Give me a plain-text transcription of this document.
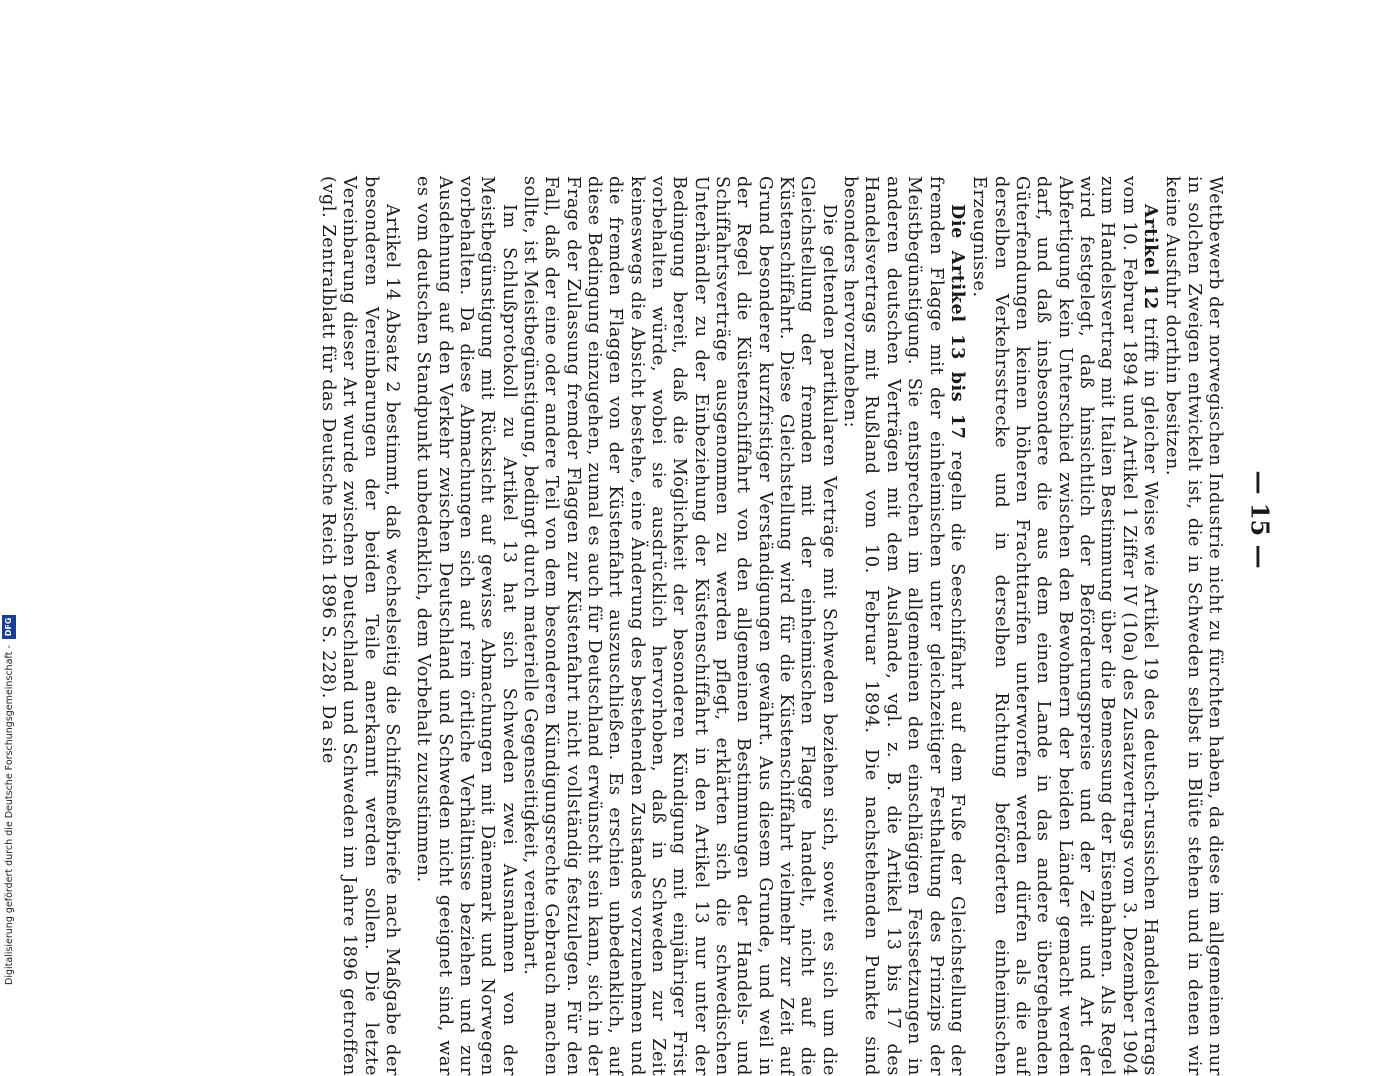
— 15 —

Wettbewerb der norwegischen Industrie nicht zu fürchten haben, da diese im allgemeinen nur in solchen Zweigen entwickelt ist, die in Schweden selbst in Blüte stehen und in denen wir keine Ausfuhr dorthin besitzen.

Artikel 12 trifft in gleicher Weise wie Artikel 19 des deutsch-russischen Handelsvertrags vom 10. Februar 1894 und Artikel 1 Ziffer IV (10a) des Zusatzvertrags vom 3. Dezember 1904 zum Handelsvertrag mit Italien Bestimmung über die Bemessung der Eisenbahnen. Als Regel wird festgelegt, daß hinsichtlich der Beförderungspreise und der Zeit und Art der Abfertigung kein Unterschied zwischen den Bewohnern der beiden Länder gemacht werden darf, und daß insbesondere die aus dem einen Lande in das andere übergehenden Güterfendungen keinen höheren Frachttarifen unterworfen werden dürfen als die auf derselben Verkehrsstrecke und in derselben Richtung beförderten einheimischen Erzeugnisse.

Die Artikel 13 bis 17 regeln die Seeschiffahrt auf dem Fuße der Gleichstellung der fremden Flagge mit der einheimischen unter gleichzeitiger Festhaltung des Prinzips der Meistbegünstigung. Sie entsprechen im allgemeinen den einschlägigen Festsetzungen in anderen deutschen Verträgen mit dem Auslande, vgl. z. B. die Artikel 13 bis 17 des Handelsvertrags mit Rußland vom 10. Februar 1894. Die nachstehenden Punkte sind besonders hervorzuheben:

Die geltenden partikularen Verträge mit Schweden beziehen sich, soweit es sich um die Gleichstellung der fremden mit der einheimischen Flagge handelt, nicht auf die Küstenschiffahrt. Diese Gleichstellung wird für die Küstenschiffahrt vielmehr zur Zeit auf Grund besonderer kurzfristiger Verständigungen gewährt. Aus diesem Grunde, und weil in der Regel die Küstenschiffahrt von den allgemeinen Bestimmungen der Handels- und Schiffahrtsverträge ausgenommen zu werden pflegt, erklärten sich die schwedischen Unterhändler zu der Einbeziehung der Küstenschiffahrt in den Artikel 13 nur unter der Bedingung bereit, daß die Möglichkeit der besonderen Kündigung mit einjähriger Frist vorbehalten würde, wobei sie ausdrücklich hervorhoben, daß in Schweden zur Zeit keineswegs die Absicht bestehe, eine Änderung des bestehenden Zustandes vorzunehmen und die fremden Flaggen von der Küstenfahrt auszuschließen. Es erschien unbedenklich, auf diese Bedingung einzugehen, zumal es auch für Deutschland erwünscht sein kann, sich in der Frage der Zulassung fremder Flaggen zur Küstenfahrt nicht vollständig festzulegen. Für den Fall, daß der eine oder andere Teil von dem besonderen Kündigungsrechte Gebrauch machen sollte, ist Meistbegünstigung, bedingt durch materielle Gegenseitigkeit, vereinbart.

Im Schlußprotokoll zu Artikel 13 hat sich Schweden zwei Ausnahmen von der Meistbegünstigung mit Rücksicht auf gewisse Abmachungen mit Dänemark und Norwegen vorbehalten. Da diese Abmachungen sich auf rein örtliche Verhältnisse beziehen und zur Ausdehnung auf den Verkehr zwischen Deutschland und Schweden nicht geeignet sind, war es vom deutschen Standpunkt unbedenklich, dem Vorbehalt zuzustimmen.

Artikel 14 Absatz 2 bestimmt, daß wechselseitig die Schiffsmeßbriefe nach Maßgabe der besonderen Vereinbarungen der beiden Teile anerkannt werden sollen. Die letzte Vereinbarung dieser Art wurde zwischen Deutschland und Schweden im Jahre 1896 getroffen (vgl. Zentralblatt für das Deutsche Reich 1896 S. 228). Da sie

Digitalisierung gefördert durch die Deutsche Forschungsgemeinschaft -
DFG
